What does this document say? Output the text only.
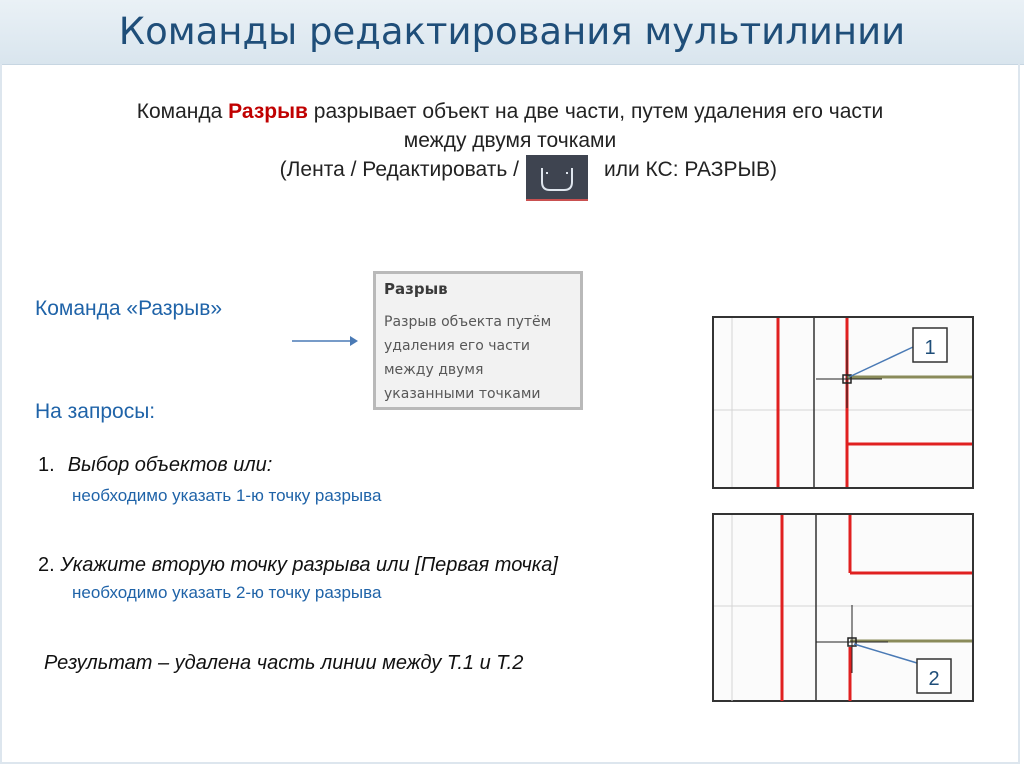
Команды редактирования мультилинии
Команда Разрыв разрывает объект на две части, путем удаления его части
между двумя точками
(Лента / Редактировать /	или КС: РАЗРЫВ)
Команда «Разрыв»
Разрыв
Разрыв объекта путём
удаления его части
между двумя
указанными точками
На запросы:
1. Выбор объектов или:
необходимо указать 1-ю точку разрыва
2. Укажите вторую точку разрыва или [Первая точка]
необходимо указать 2-ю точку разрыва
Результат – удалена часть линии между Т.1 и Т.2
1
2
